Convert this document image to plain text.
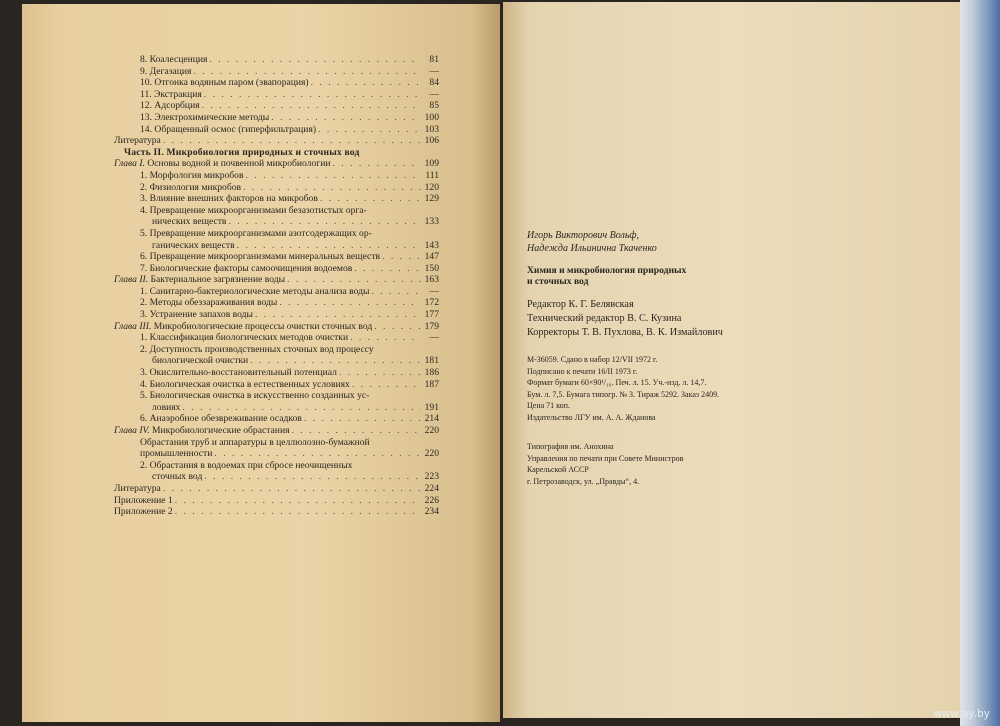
8. Коалесценция . . .	81
9. Дегазация . . .	—
10. Отгонка водяным паром (эвапорация) . . .	84
11. Экстракция . . .	—
12. Адсорбция . . .	85
13. Электрохимические методы . . .	100
14. Обращенный осмос (гиперфильтрация) . . .	103
Литература . . .	106
Часть II. Микробиология природных и сточных вод
Глава I. Основы водной и почвенной микробиологии . . .	109
1. Морфология микробов . . .	111
2. Физиология микробов . . .	120
3. Влияние внешних факторов на микробов . . .	129
4. Превращение микроорганизмами безазотистых орга-
нических веществ . . .	133
5. Превращение микроорганизмами азотсодержащих ор-
ганических веществ . . .	143
6. Превращение микроорганизмами минеральных веществ . . .	147
7. Биологические факторы самоочищения водоемов . . .	150
Глава II. Бактериальное загрязнение воды . . .	163
1. Санитарно-бактериологические методы анализа воды . . .	—
2. Методы обеззараживания воды . . .	172
3. Устранение запахов воды . . .	177
Глава III. Микробиологические процессы очистки сточных вод . . .	179
1. Классификация биологических методов очистки . . .	—
2. Доступность производственных сточных вод процессу
биологической очистки . . .	181
3. Окислительно-восстановительный потенциал . . .	186
4. Биологическая очистка в естественных условиях . . .	187
5. Биологическая очистка в искусственно созданных ус-
ловиях . . .	191
6. Анаэробное обезвреживание осадков . . .	214
Глава IV. Микробиологические обрастания . . .	220
Обрастания труб и аппаратуры в целлюлозно-бумажной
промышленности . . .	220
2. Обрастания в водоемах при сбросе неочищенных
сточных вод . . .	223
Литература . . .	224
Приложение 1 . . .	226
Приложение 2 . . .	234
Игорь Викторович Вольф,
Надежда Ильинична Ткаченко
Химия и микробиология природных
и сточных вод
Редактор К. Г. Белявская
Технический редактор В. С. Кузина
Корректоры Т. В. Пухлова, В. К. Измайлович
М-36059. Сдано в набор 12/VII 1972 г.
Подписано к печати 16/II 1973 г.
Формат бумаги 60×90¹/₁₆. Печ. л. 15. Уч.-изд. л. 14,7.
Бум. л. 7,5. Бумага типогр. № 3. Тираж 5292. Заказ 2409.
Цена 71 коп.
Издательство ЛГУ им. А. А. Жданова
Типография им. Анохина
Управления по печати при Совете Министров
Карельской АССР
г. Петрозаводск, ул. „Правды“, 4.
www.ay.by
